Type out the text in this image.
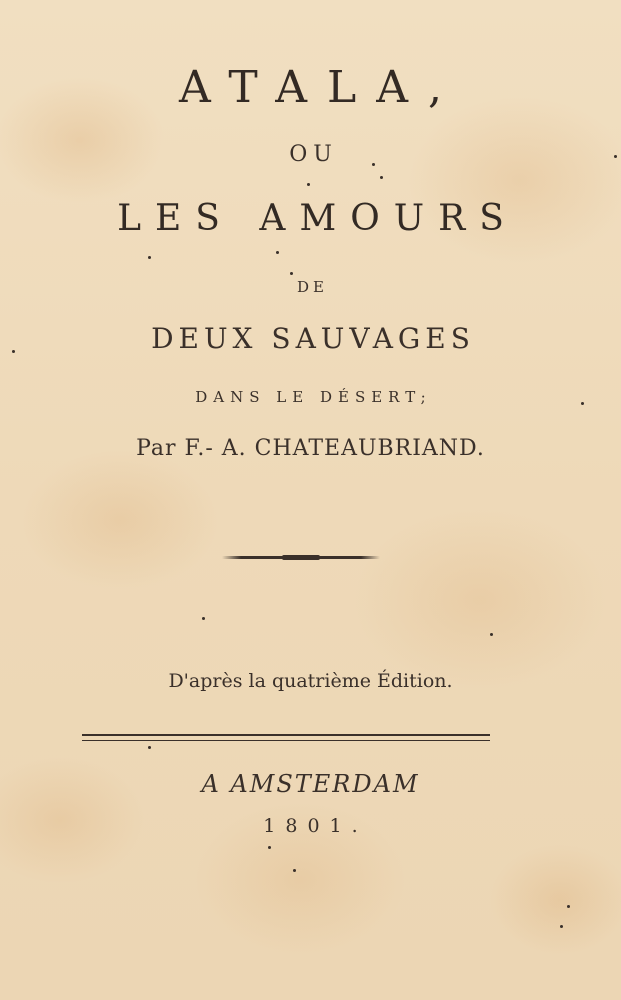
ATALA,
OU
LES AMOURS
DE
DEUX SAUVAGES
DANS LE DÉSERT;
Par F.- A. CHATEAUBRIAND.
D'après la quatrième Édition.
A AMSTERDAM
1801.
